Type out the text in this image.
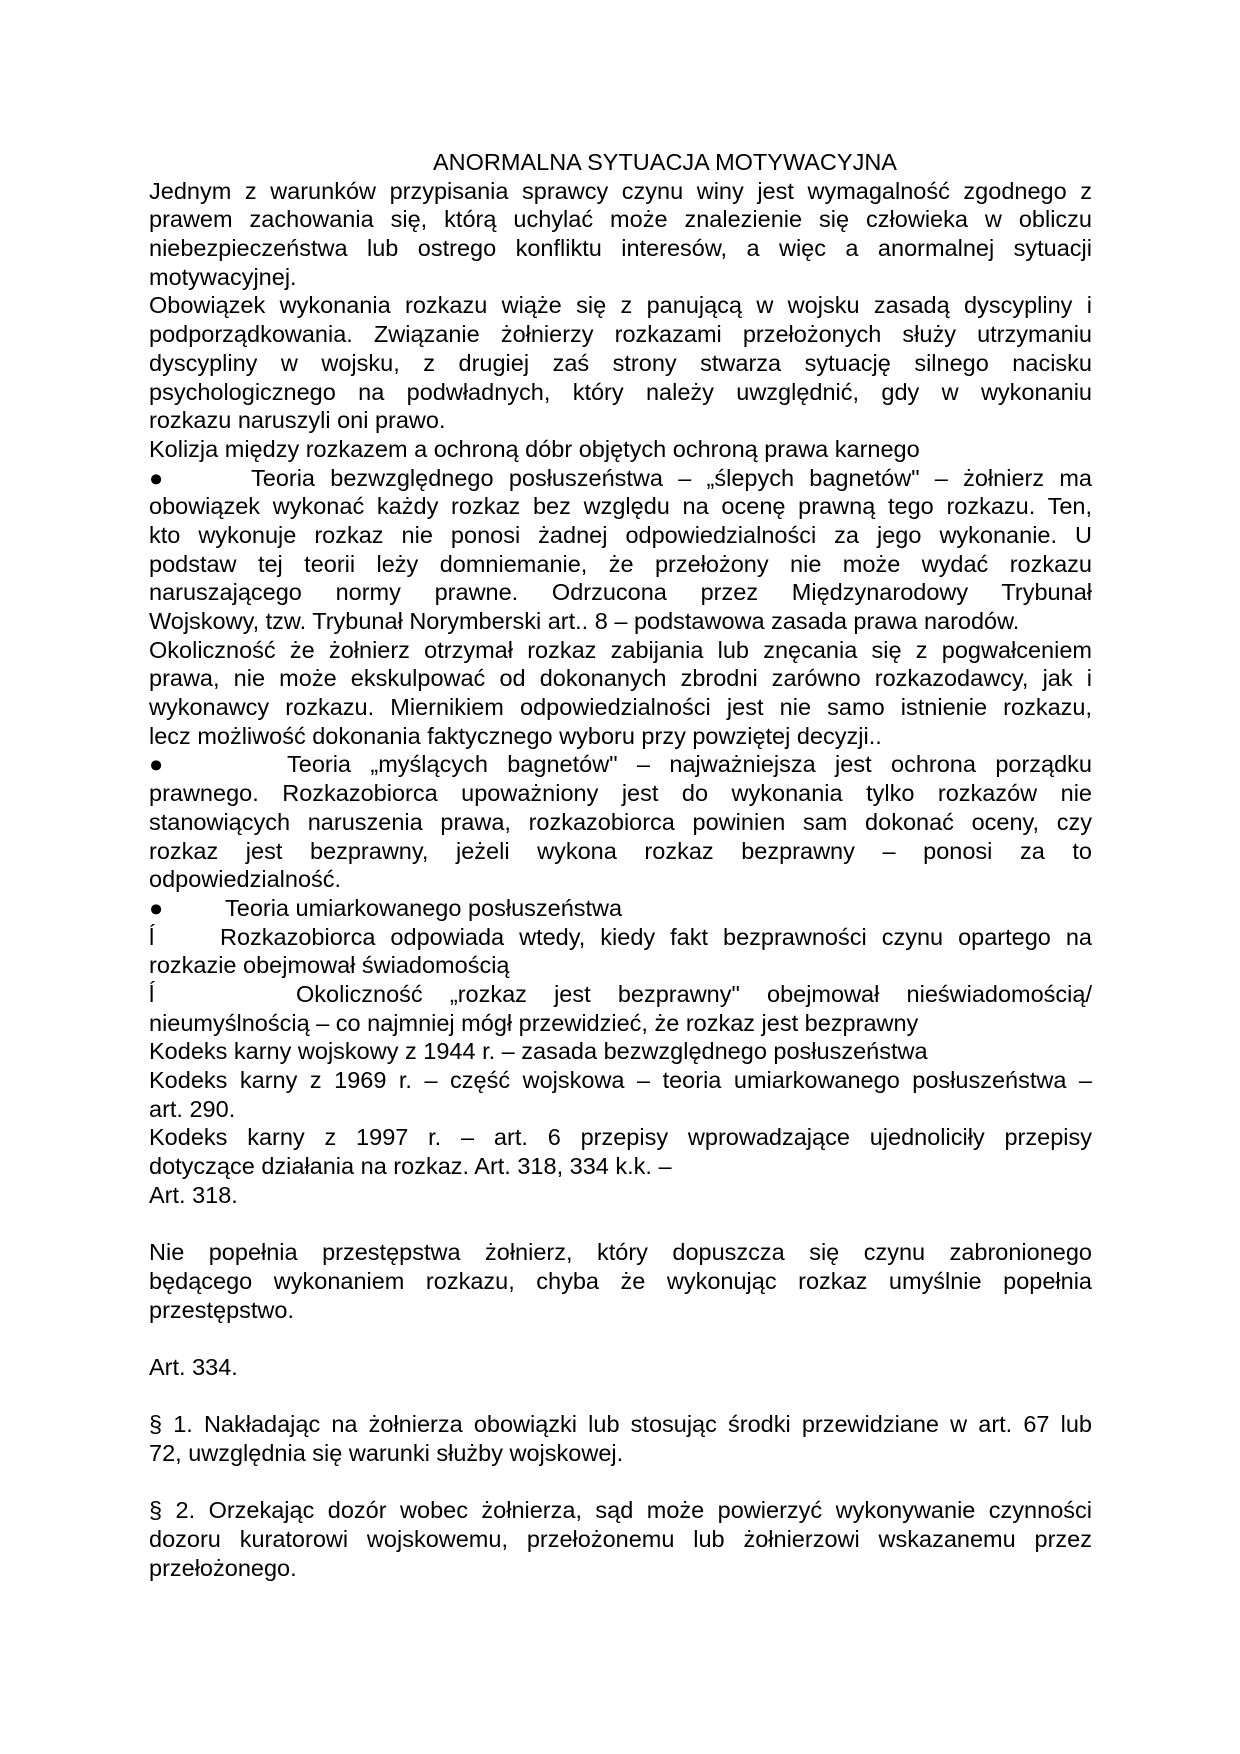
ANORMALNA SYTUACJA MOTYWACYJNA
Jednym z warunków przypisania sprawcy czynu winy jest wymagalność zgodnego z
prawem zachowania się, którą uchylać może znalezienie się człowieka w obliczu
niebezpieczeństwa lub ostrego konfliktu interesów, a więc a anormalnej sytuacji
motywacyjnej.
Obowiązek wykonania rozkazu wiąże się z panującą w wojsku zasadą dyscypliny i
podporządkowania. Związanie żołnierzy rozkazami przełożonych służy utrzymaniu
dyscypliny w wojsku, z drugiej zaś strony stwarza sytuację silnego nacisku
psychologicznego na podwładnych, który należy uwzględnić, gdy w wykonaniu
rozkazu naruszyli oni prawo.
Kolizja między rozkazem a ochroną dóbr objętych ochroną prawa karnego
●	Teoria bezwzględnego posłuszeństwa – „ślepych bagnetów" – żołnierz ma
obowiązek wykonać każdy rozkaz bez względu na ocenę prawną tego rozkazu. Ten,
kto wykonuje rozkaz nie ponosi żadnej odpowiedzialności za jego wykonanie. U
podstaw tej teorii leży domniemanie, że przełożony nie może wydać rozkazu
naruszającego normy prawne. Odrzucona przez Międzynarodowy Trybunał
Wojskowy, tzw. Trybunał Norymberski art.. 8 – podstawowa zasada prawa narodów.
Okoliczność że żołnierz otrzymał rozkaz zabijania lub znęcania się z pogwałceniem
prawa, nie może ekskulpować od dokonanych zbrodni zarówno rozkazodawcy, jak i
wykonawcy rozkazu. Miernikiem odpowiedzialności jest nie samo istnienie rozkazu,
lecz możliwość dokonania faktycznego wyboru przy powziętej decyzji..
●	Teoria „myślących bagnetów" – najważniejsza jest ochrona porządku
prawnego. Rozkazobiorca upoważniony jest do wykonania tylko rozkazów nie
stanowiących naruszenia prawa, rozkazobiorca powinien sam dokonać oceny, czy
rozkaz jest bezprawny, jeżeli wykona rozkaz bezprawny – ponosi za to
odpowiedzialność.
●	Teoria umiarkowanego posłuszeństwa
ĺ	Rozkazobiorca odpowiada wtedy, kiedy fakt bezprawności czynu opartego na
rozkazie obejmował świadomością
ĺ	Okoliczność „rozkaz jest bezprawny" obejmował nieświadomością/
nieumyślnością – co najmniej mógł przewidzieć, że rozkaz jest bezprawny
Kodeks karny wojskowy z 1944 r. – zasada bezwzględnego posłuszeństwa
Kodeks karny z 1969 r. – część wojskowa – teoria umiarkowanego posłuszeństwa –
art. 290.
Kodeks karny z 1997 r. – art. 6 przepisy wprowadzające ujednoliciły przepisy
dotyczące działania na rozkaz. Art. 318, 334 k.k. –
Art. 318.
Nie popełnia przestępstwa żołnierz, który dopuszcza się czynu zabronionego
będącego wykonaniem rozkazu, chyba że wykonując rozkaz umyślnie popełnia
przestępstwo.
Art. 334.
§ 1. Nakładając na żołnierza obowiązki lub stosując środki przewidziane w art. 67 lub
72, uwzględnia się warunki służby wojskowej.
§ 2. Orzekając dozór wobec żołnierza, sąd może powierzyć wykonywanie czynności
dozoru kuratorowi wojskowemu, przełożonemu lub żołnierzowi wskazanemu przez
przełożonego.
